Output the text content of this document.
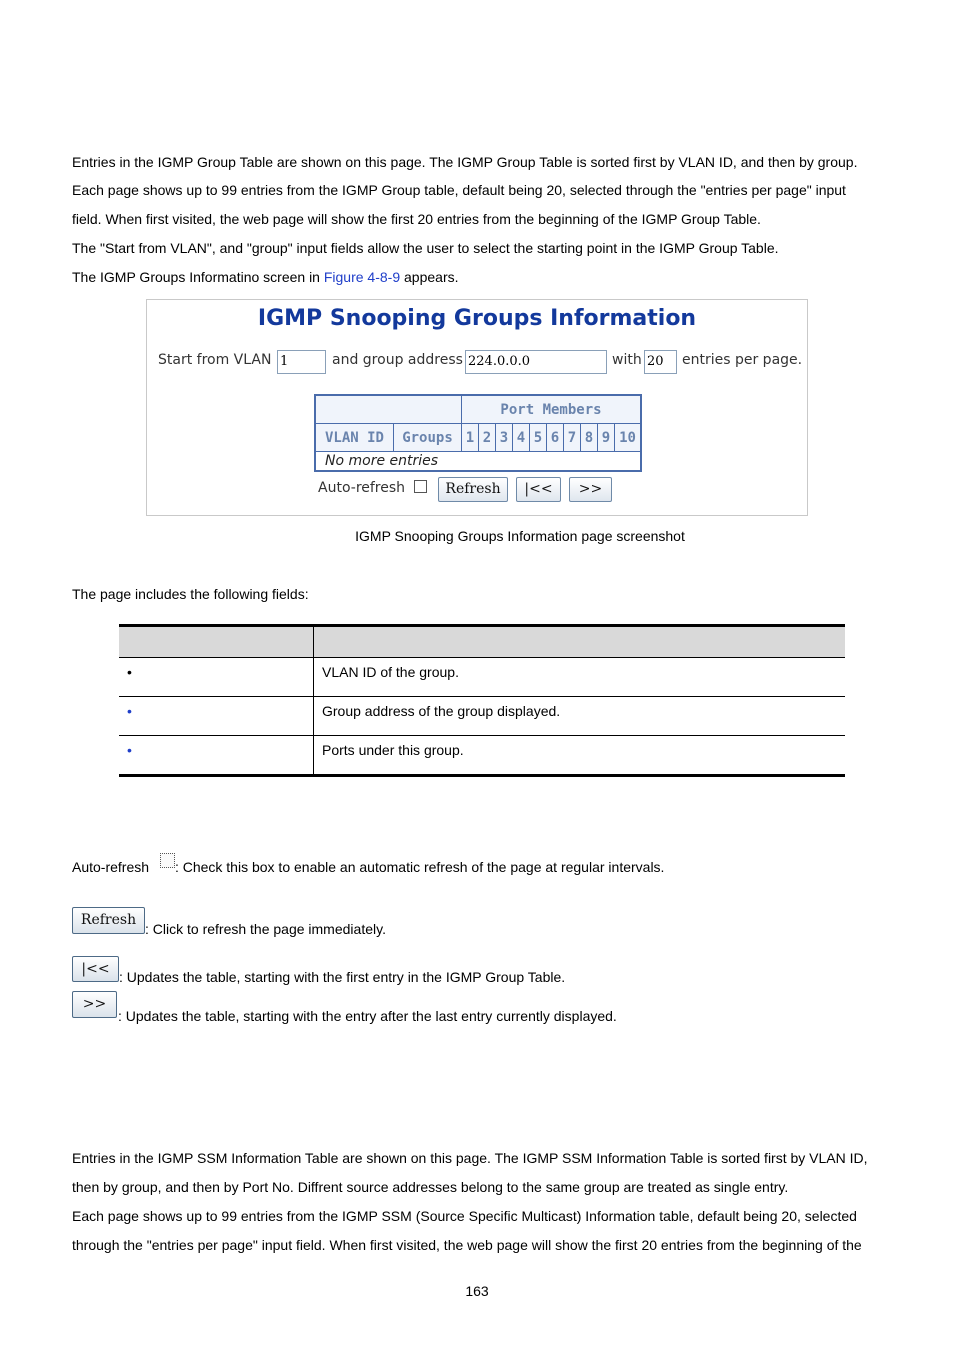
Entries in the IGMP Group Table are shown on this page. The IGMP Group Table is sorted first by VLAN ID, and then by group.
Each page shows up to 99 entries from the IGMP Group table, default being 20, selected through the "entries per page" input
field. When first visited, the web page will show the first 20 entries from the beginning of the IGMP Group Table.
The "Start from VLAN", and "group" input fields allow the user to select the starting point in the IGMP Group Table.
The IGMP Groups Informatino screen in Figure 4-8-9 appears.
IGMP Snooping Groups Information
Start from VLAN 1	and group address 224.0.0.0	with 20	entries per page.
Port Members
VLAN ID	Groups 1 2 3 4 5 6 7 8 9 10
No more entries
Auto-refresh	Refresh	|<<	>>
IGMP Snooping Groups Information page screenshot
The page includes the following fields:
•	VLAN ID of the group.
•	Group address of the group displayed.
•	Ports under this group.
Auto-refresh : Check this box to enable an automatic refresh of the page at regular intervals.
Refresh
: Click to refresh the page immediately.
|<< : Updates the table, starting with the first entry in the IGMP Group Table.
>>
: Updates the table, starting with the entry after the last entry currently displayed.
Entries in the IGMP SSM Information Table are shown on this page. The IGMP SSM Information Table is sorted first by VLAN ID,
then by group, and then by Port No. Diffrent source addresses belong to the same group are treated as single entry.
Each page shows up to 99 entries from the IGMP SSM (Source Specific Multicast) Information table, default being 20, selected
through the "entries per page" input field. When first visited, the web page will show the first 20 entries from the beginning of the
163
